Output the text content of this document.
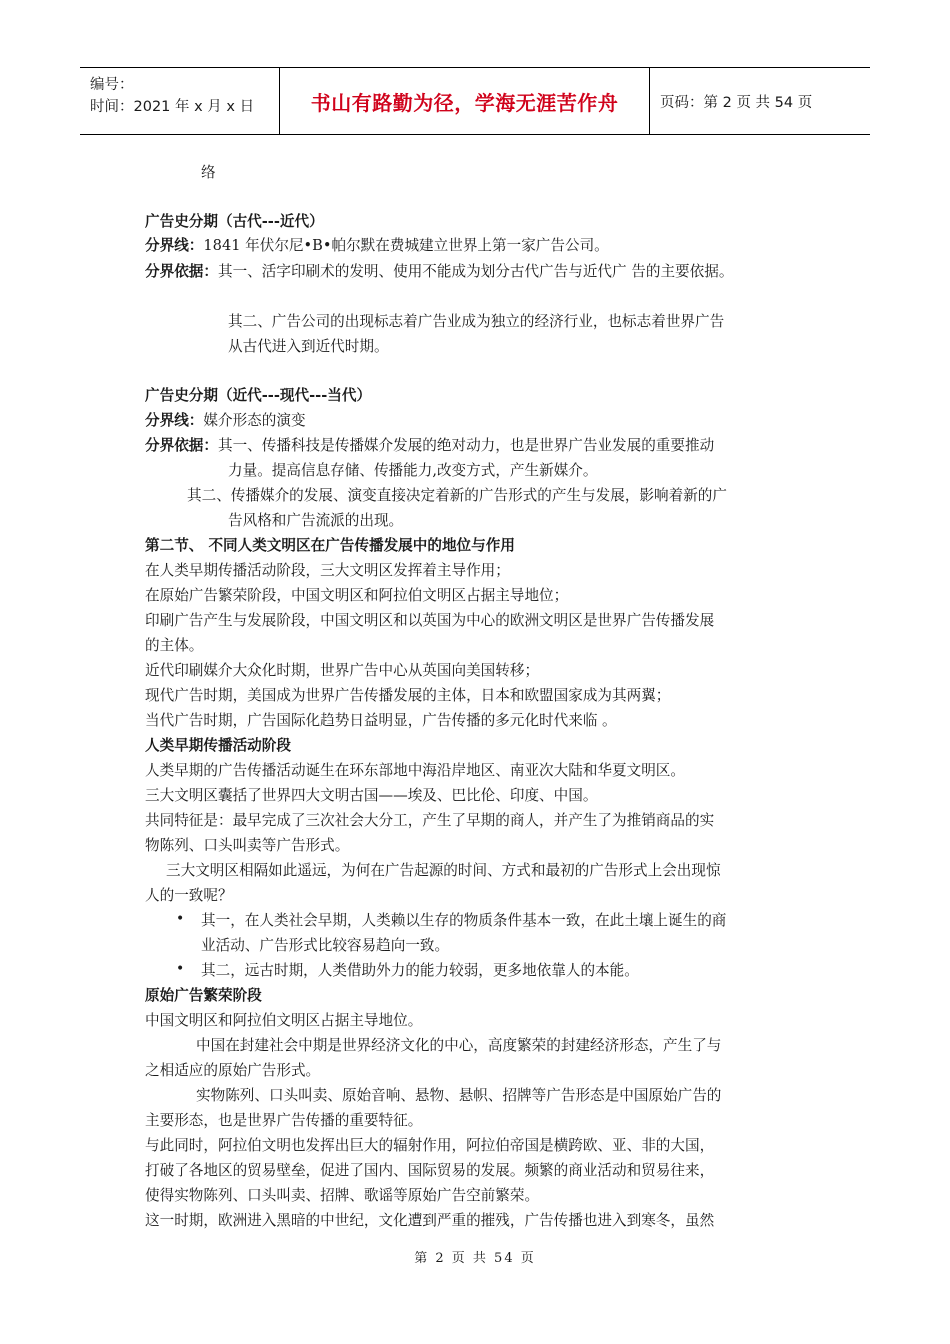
编号：
时间：2021 年 x 月 x 日	书山有路勤为径，学海无涯苦作舟	页码：第 2 页 共 54 页
络
广告史分期（古代---近代）
分界线：1841 年伏尔尼•B•帕尔默在费城建立世界上第一家广告公司。
分界依据：其一、活字印刷术的发明、使用不能成为划分古代广告与近代广 告的主要依据。
其二、广告公司的出现标志着广告业成为独立的经济行业，也标志着世界广告
从古代进入到近代时期。
广告史分期（近代---现代---当代）
分界线：媒介形态的演变
分界依据：其一、传播科技是传播媒介发展的绝对动力，也是世界广告业发展的重要推动
力量。提高信息存储、传播能力,改变方式，产生新媒介。
其二、传播媒介的发展、演变直接决定着新的广告形式的产生与发展，影响着新的广
告风格和广告流派的出现。
第二节、 不同人类文明区在广告传播发展中的地位与作用
在人类早期传播活动阶段，三大文明区发挥着主导作用；
在原始广告繁荣阶段，中国文明区和阿拉伯文明区占据主导地位；
印刷广告产生与发展阶段，中国文明区和以英国为中心的欧洲文明区是世界广告传播发展
的主体。
近代印刷媒介大众化时期，世界广告中心从英国向美国转移；
现代广告时期，美国成为世界广告传播发展的主体，日本和欧盟国家成为其两翼；
当代广告时期，广告国际化趋势日益明显，广告传播的多元化时代来临 。
人类早期传播活动阶段
人类早期的广告传播活动诞生在环东部地中海沿岸地区、南亚次大陆和华夏文明区。
三大文明区囊括了世界四大文明古国——埃及、巴比伦、印度、中国。
共同特征是：最早完成了三次社会大分工，产生了早期的商人，并产生了为推销商品的实
物陈列、口头叫卖等广告形式。
三大文明区相隔如此遥远，为何在广告起源的时间、方式和最初的广告形式上会出现惊
人的一致呢？
• 其一，在人类社会早期，人类赖以生存的物质条件基本一致，在此土壤上诞生的商
业活动、广告形式比较容易趋向一致。
• 其二，远古时期，人类借助外力的能力较弱，更多地依靠人的本能。
原始广告繁荣阶段
中国文明区和阿拉伯文明区占据主导地位。
中国在封建社会中期是世界经济文化的中心，高度繁荣的封建经济形态，产生了与
之相适应的原始广告形式。
实物陈列、口头叫卖、原始音响、悬物、悬帜、招牌等广告形态是中国原始广告的
主要形态，也是世界广告传播的重要特征。
与此同时，阿拉伯文明也发挥出巨大的辐射作用，阿拉伯帝国是横跨欧、亚、非的大国，
打破了各地区的贸易壁垒，促进了国内、国际贸易的发展。频繁的商业活动和贸易往来，
使得实物陈列、口头叫卖、招牌、歌谣等原始广告空前繁荣。
这一时期，欧洲进入黑暗的中世纪，文化遭到严重的摧残，广告传播也进入到寒冬，虽然
第 2 页 共 54 页
